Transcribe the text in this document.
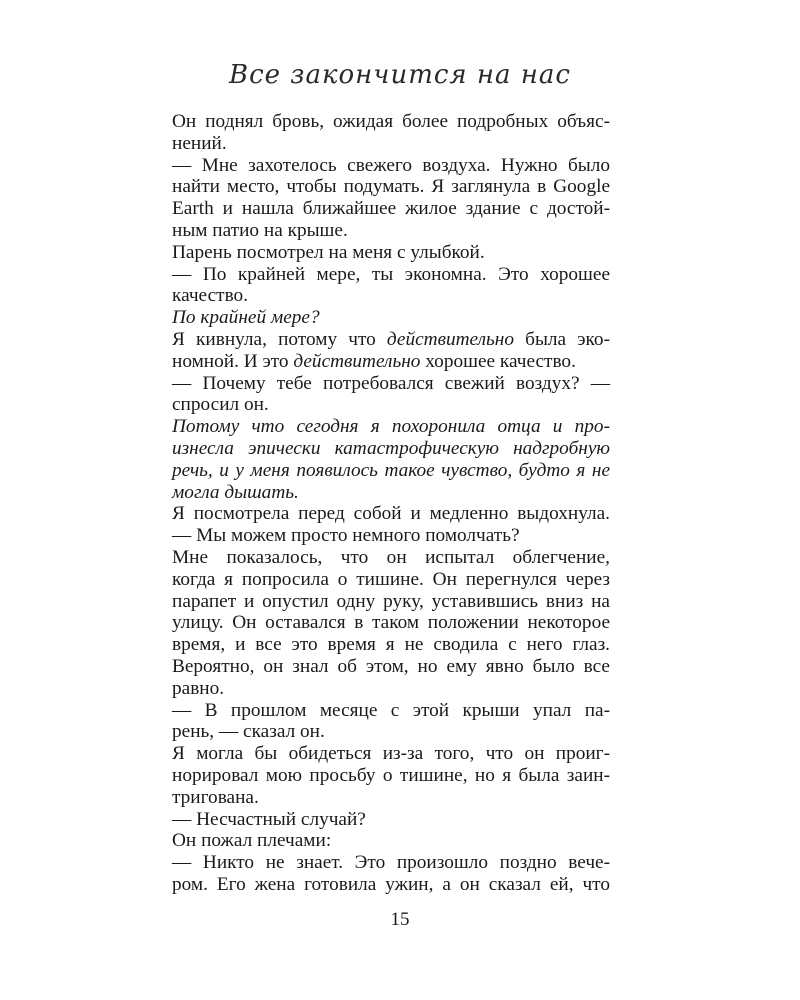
Все закончится на нас
Он поднял бровь, ожидая более подробных объяс-
нений.
— Мне захотелось свежего воздуха. Нужно было
найти место, чтобы подумать. Я заглянула в Google
Earth и нашла ближайшее жилое здание с достой-
ным патио на крыше.
Парень посмотрел на меня с улыбкой.
— По крайней мере, ты экономна. Это хорошее
качество.
По крайней мере?
Я кивнула, потому что действительно была эко-
номной. И это действительно хорошее качество.
— Почему тебе потребовался свежий воздух? —
спросил он.
Потому что сегодня я похоронила отца и про-
изнесла эпически катастрофическую надгробную
речь, и у меня появилось такое чувство, будто я не
могла дышать.
Я посмотрела перед собой и медленно выдохнула.
— Мы можем просто немного помолчать?
Мне показалось, что он испытал облегчение,
когда я попросила о тишине. Он перегнулся через
парапет и опустил одну руку, уставившись вниз на
улицу. Он оставался в таком положении некоторое
время, и все это время я не сводила с него глаз.
Вероятно, он знал об этом, но ему явно было все
равно.
— В прошлом месяце с этой крыши упал па-
рень, — сказал он.
Я могла бы обидеться из-за того, что он проиг-
норировал мою просьбу о тишине, но я была заин-
тригована.
— Несчастный случай?
Он пожал плечами:
— Никто не знает. Это произошло поздно вече-
ром. Его жена готовила ужин, а он сказал ей, что
15
